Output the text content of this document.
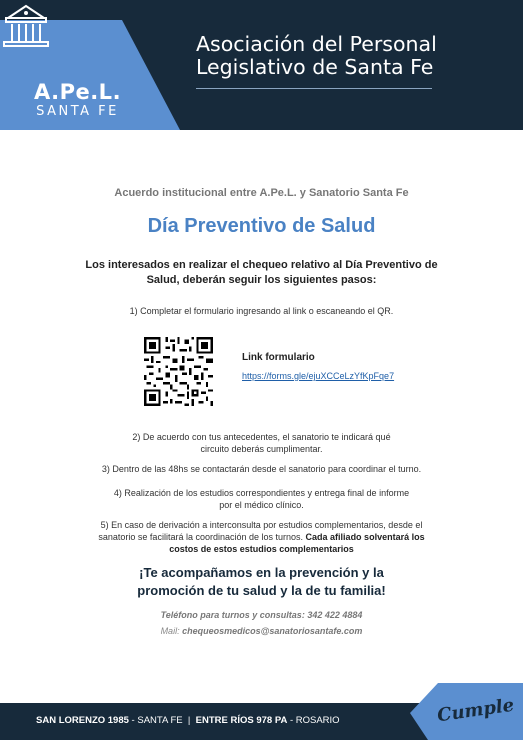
A.Pe.L.
SANTA FE
Asociación del Personal
Legislativo de Santa Fe
Acuerdo institucional entre A.Pe.L. y Sanatorio Santa Fe
Día Preventivo de Salud
Los interesados en realizar el chequeo relativo al Día Preventivo de Salud, deberán seguir los siguientes pasos:
1) Completar el formulario ingresando al link o escaneando el QR.
Link formulario
https://forms.gle/ejuXCCeLzYfKpFqe7
2) De acuerdo con tus antecedentes, el sanatorio te indicará qué
circuito deberás cumplimentar.
3) Dentro de las 48hs se contactarán desde el sanatorio para coordinar el turno.
4) Realización de los estudios correspondientes y entrega final de informe
por el médico clínico.
5) En caso de derivación a interconsulta por estudios complementarios, desde el
sanatorio se facilitará la coordinación de los turnos. Cada afiliado solventará los
costos de estos estudios complementarios
¡Te acompañamos en la prevención y la
promoción de tu salud y la de tu familia!
Teléfono para turnos y consultas: 342 422 4884
Mail: chequeosmedicos@sanatoriosantafe.com
SAN LORENZO 1985 - SANTA FE  |  ENTRE RÍOS 978 PA - ROSARIO	Cumple
